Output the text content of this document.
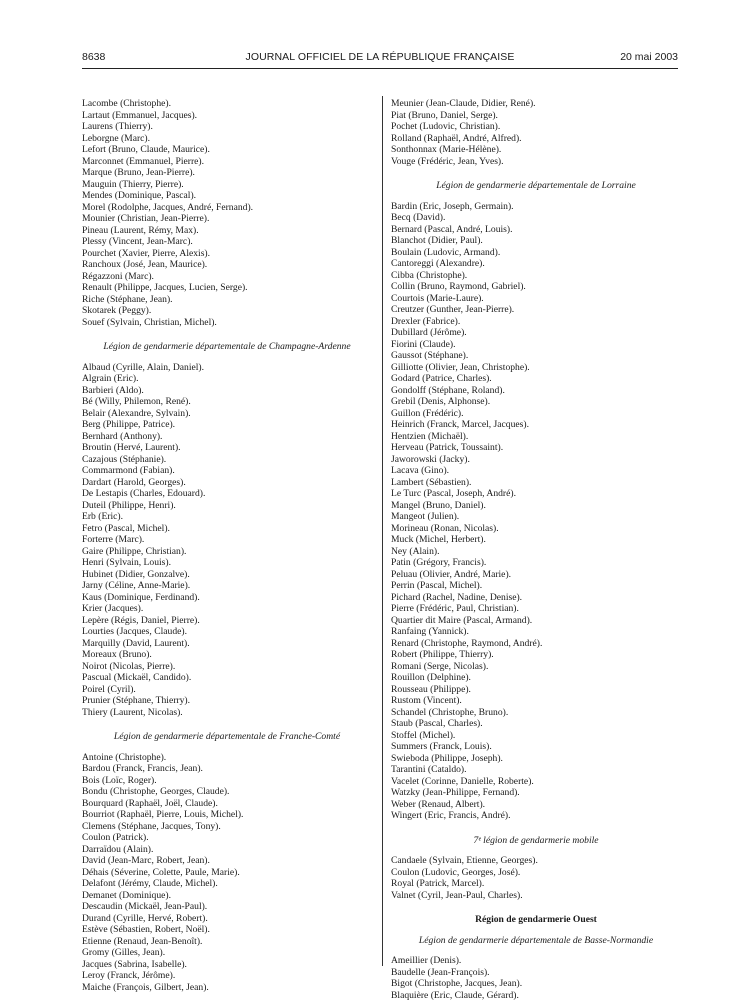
8638	JOURNAL OFFICIEL DE LA RÉPUBLIQUE FRANÇAISE	20 mai 2003
Lacombe (Christophe).
Lartaut (Emmanuel, Jacques).
Laurens (Thierry).
Leborgne (Marc).
Lefort (Bruno, Claude, Maurice).
Marconnet (Emmanuel, Pierre).
Marque (Bruno, Jean-Pierre).
Mauguin (Thierry, Pierre).
Mendes (Dominique, Pascal).
Morel (Rodolphe, Jacques, André, Fernand).
Mounier (Christian, Jean-Pierre).
Pineau (Laurent, Rémy, Max).
Plessy (Vincent, Jean-Marc).
Pourchet (Xavier, Pierre, Alexis).
Ranchoux (José, Jean, Maurice).
Régazzoni (Marc).
Renault (Philippe, Jacques, Lucien, Serge).
Riche (Stéphane, Jean).
Skotarek (Peggy).
Souef (Sylvain, Christian, Michel).
Légion de gendarmerie départementale de Champagne-Ardenne
Albaud (Cyrille, Alain, Daniel).
Algrain (Eric).
Barbieri (Aldo).
Bé (Willy, Philemon, René).
Belair (Alexandre, Sylvain).
Berg (Philippe, Patrice).
Bernhard (Anthony).
Broutin (Hervé, Laurent).
Cazajous (Stéphanie).
Commarmond (Fabian).
Dardart (Harold, Georges).
De Lestapis (Charles, Edouard).
Duteil (Philippe, Henri).
Erb (Eric).
Fetro (Pascal, Michel).
Forterre (Marc).
Gaire (Philippe, Christian).
Henri (Sylvain, Louis).
Hubinet (Didier, Gonzalve).
Jarny (Céline, Anne-Marie).
Kaus (Dominique, Ferdinand).
Krier (Jacques).
Lepère (Régis, Daniel, Pierre).
Lourties (Jacques, Claude).
Marquilly (David, Laurent).
Moreaux (Bruno).
Noirot (Nicolas, Pierre).
Pascual (Mickaël, Candido).
Poirel (Cyril).
Prunier (Stéphane, Thierry).
Thiery (Laurent, Nicolas).
Légion de gendarmerie départementale de Franche-Comté
Antoine (Christophe).
Bardou (Franck, Francis, Jean).
Bois (Loïc, Roger).
Bondu (Christophe, Georges, Claude).
Bourquard (Raphaël, Joël, Claude).
Bourriot (Raphaël, Pierre, Louis, Michel).
Clemens (Stéphane, Jacques, Tony).
Coulon (Patrick).
Darraïdou (Alain).
David (Jean-Marc, Robert, Jean).
Déhais (Séverine, Colette, Paule, Marie).
Delafont (Jérémy, Claude, Michel).
Demanet (Dominique).
Descaudin (Mickaël, Jean-Paul).
Durand (Cyrille, Hervé, Robert).
Estève (Sébastien, Robert, Noël).
Etienne (Renaud, Jean-Benoît).
Gromy (Gilles, Jean).
Jacques (Sabrina, Isabelle).
Leroy (Franck, Jérôme).
Maiche (François, Gilbert, Jean).
Meunier (Jean-Claude, Didier, René).
Piat (Bruno, Daniel, Serge).
Pochet (Ludovic, Christian).
Rolland (Raphaël, André, Alfred).
Sonthonnax (Marie-Hélène).
Vouge (Frédéric, Jean, Yves).
Légion de gendarmerie départementale de Lorraine
Bardin (Eric, Joseph, Germain).
Becq (David).
Bernard (Pascal, André, Louis).
Blanchot (Didier, Paul).
Boulain (Ludovic, Armand).
Cantoreggi (Alexandre).
Cibba (Christophe).
Collin (Bruno, Raymond, Gabriel).
Courtois (Marie-Laure).
Creutzer (Gunther, Jean-Pierre).
Drexler (Fabrice).
Dubillard (Jérôme).
Fiorini (Claude).
Gaussot (Stéphane).
Gilliotte (Olivier, Jean, Christophe).
Godard (Patrice, Charles).
Gondolff (Stéphane, Roland).
Grebil (Denis, Alphonse).
Guillon (Frédéric).
Heinrich (Franck, Marcel, Jacques).
Hentzien (Michaël).
Herveau (Patrick, Toussaint).
Jaworowski (Jacky).
Lacava (Gino).
Lambert (Sébastien).
Le Turc (Pascal, Joseph, André).
Mangel (Bruno, Daniel).
Mangeot (Julien).
Morineau (Ronan, Nicolas).
Muck (Michel, Herbert).
Ney (Alain).
Patin (Grégory, Francis).
Peluau (Olivier, André, Marie).
Perrin (Pascal, Michel).
Pichard (Rachel, Nadine, Denise).
Pierre (Frédéric, Paul, Christian).
Quartier dit Maire (Pascal, Armand).
Ranfaing (Yannick).
Renard (Christophe, Raymond, André).
Robert (Philippe, Thierry).
Romani (Serge, Nicolas).
Rouillon (Delphine).
Rousseau (Philippe).
Rustom (Vincent).
Schandel (Christophe, Bruno).
Staub (Pascal, Charles).
Stoffel (Michel).
Summers (Franck, Louis).
Swieboda (Philippe, Joseph).
Tarantini (Cataldo).
Vacelet (Corinne, Danielle, Roberte).
Watzky (Jean-Philippe, Fernand).
Weber (Renaud, Albert).
Wingert (Eric, Francis, André).
7ᵉ légion de gendarmerie mobile
Candaele (Sylvain, Etienne, Georges).
Coulon (Ludovic, Georges, José).
Royal (Patrick, Marcel).
Valnet (Cyril, Jean-Paul, Charles).
Région de gendarmerie Ouest
Légion de gendarmerie départementale de Basse-Normandie
Ameillier (Denis).
Baudelle (Jean-François).
Bigot (Christophe, Jacques, Jean).
Blaquière (Eric, Claude, Gérard).
